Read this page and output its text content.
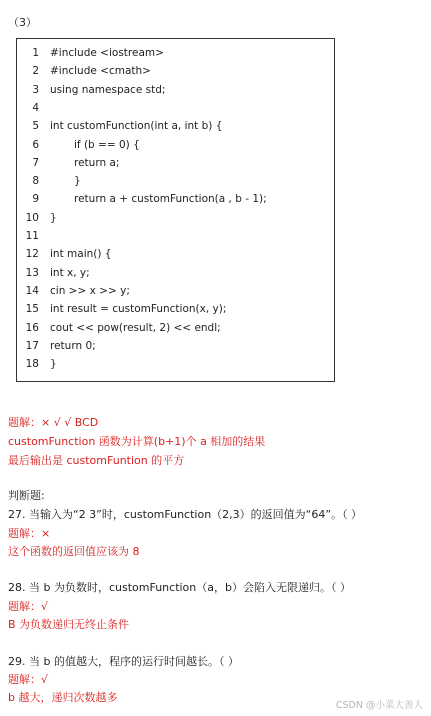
（3）
1 #include <iostream>
2 #include <cmath>
3 using namespace std;
4
5 int customFunction(int a, int b) {
6	if (b == 0) {
7	return a;
8	}
9	return a + customFunction(a , b - 1);
10 }
11
12 int main() {
13 int x, y;
14 cin >> x >> y;
15 int result = customFunction(x, y);
16 cout << pow(result, 2) << endl;
17 return 0;
18 }
题解：× √ √ BCD
customFunction 函数为计算(b+1)个 a 相加的结果
最后输出是 customFuntion 的平方
判断题:
27. 当输入为“2 3”时，customFunction（2,3）的返回值为“64”。（ ）
题解：×
这个函数的返回值应该为 8
28. 当 b 为负数时，customFunction（a，b）会陷入无限递归。（ ）
题解：√
B 为负数递归无终止条件
29. 当 b 的值越大，程序的运行时间越长。（ ）
题解：√
b 越大，递归次数越多
CSDN @小菜大善人
